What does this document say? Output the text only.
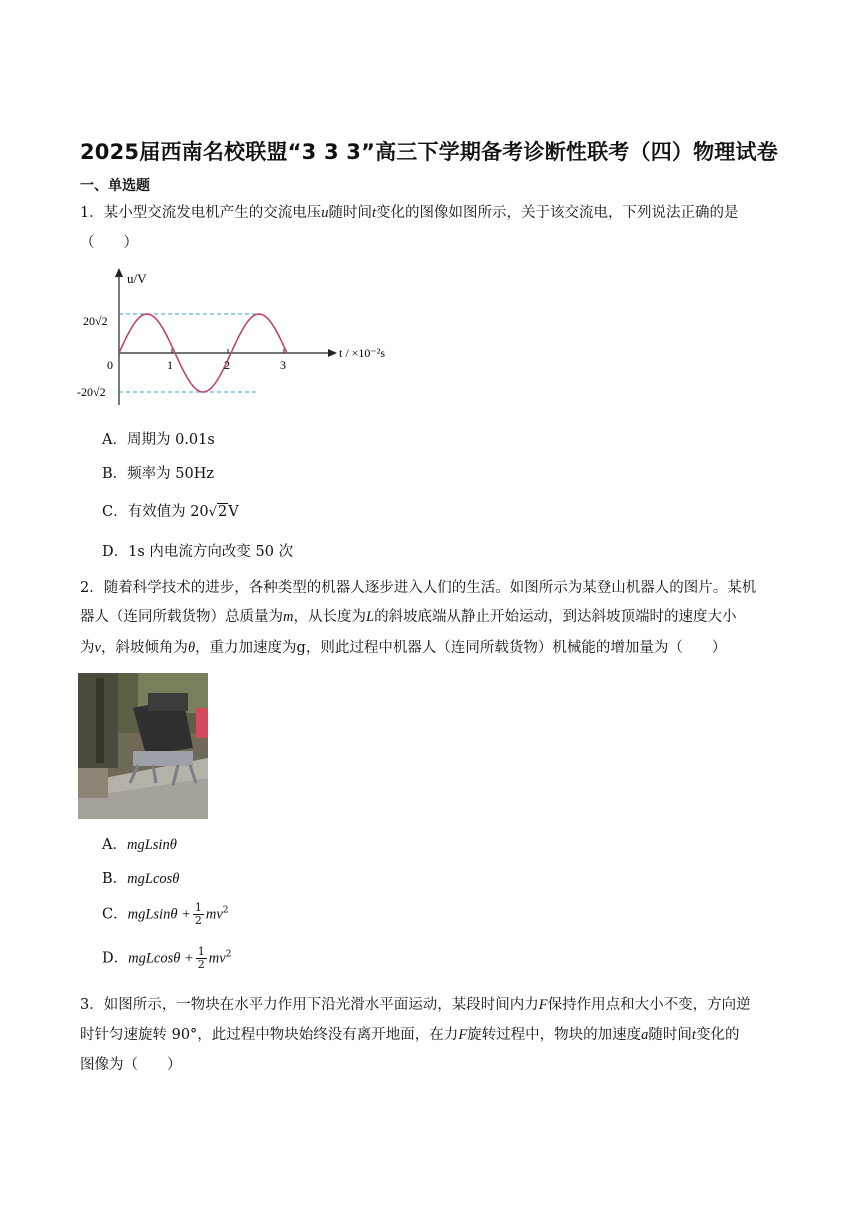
2025届西南名校联盟“3 3 3”高三下学期备考诊断性联考（四）物理试卷
一、单选题
1．某小型交流发电机产生的交流电压u随时间t变化的图像如图所示，关于该交流电，下列说法正确的是
（　　）
u/V
t / ×10⁻²s
20√2
-20√2
0	1	2	3
A．周期为 0.01s
B．频率为 50Hz
C．有效值为 20√2V
D．1s 内电流方向改变 50 次
2．随着科学技术的进步，各种类型的机器人逐步进入人们的生活。如图所示为某登山机器人的图片。某机
器人（连同所载货物）总质量为m，从长度为L的斜坡底端从静止开始运动，到达斜坡顶端时的速度大小
为v，斜坡倾角为θ，重力加速度为g，则此过程中机器人（连同所载货物）机械能的增加量为（　　）
A．mgLsinθ
B．mgLcosθ
C．$mgLsin\theta + \frac{1}{2} mv^2$
D．$mgLcos\theta + \frac{1}{2} mv^2$
3．如图所示，一物块在水平力作用下沿光滑水平面运动，某段时间内力F保持作用点和大小不变，方向逆
时针匀速旋转 90°，此过程中物块始终没有离开地面，在力F旋转过程中，物块的加速度a随时间t变化的
图像为（　　）
